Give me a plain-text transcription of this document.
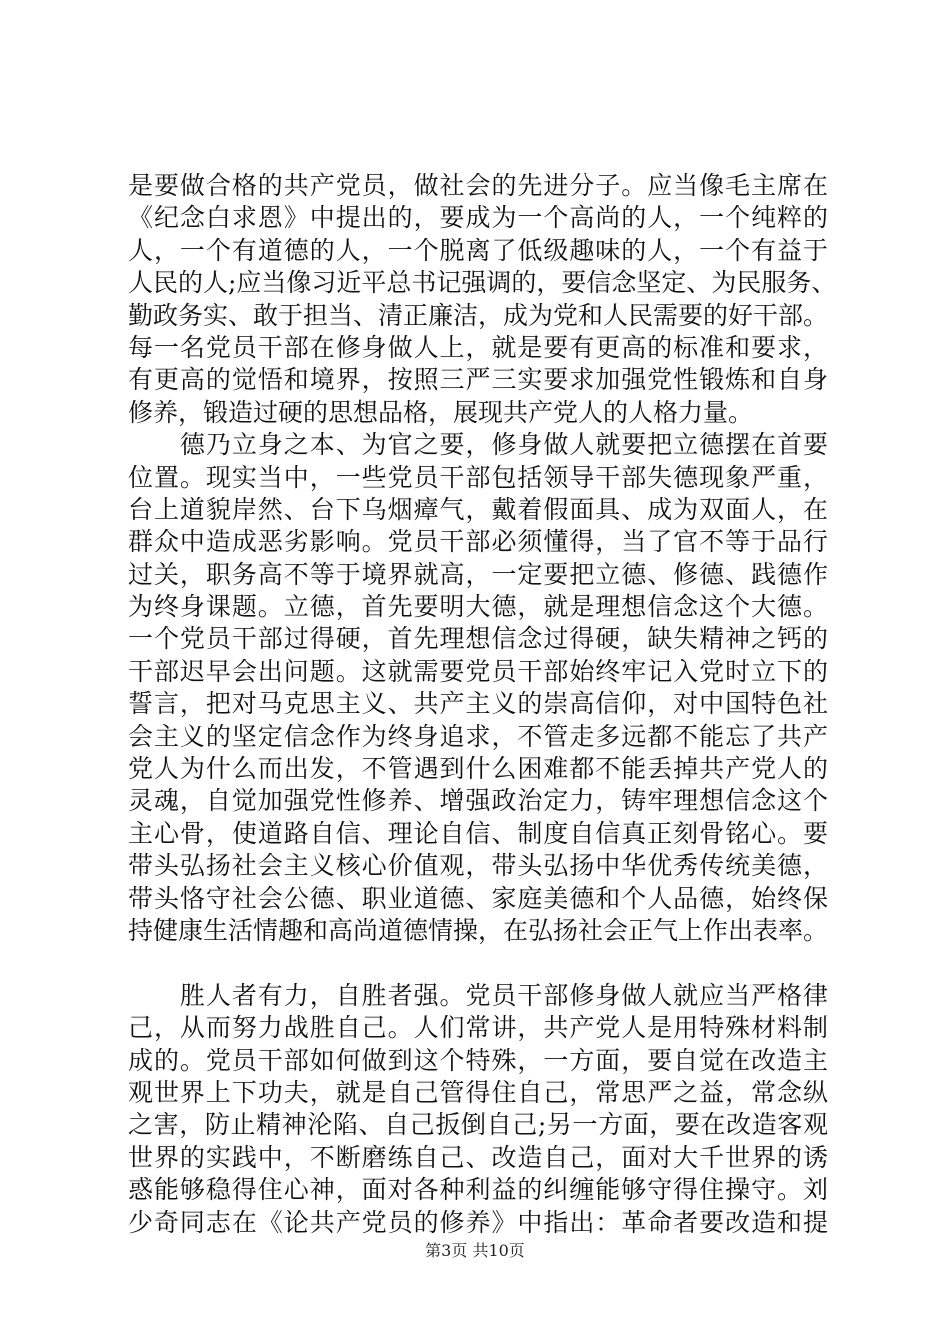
是要做合格的共产党员，做社会的先进分子。应当像毛主席在
《纪念白求恩》中提出的，要成为一个高尚的人，一个纯粹的
人，一个有道德的人，一个脱离了低级趣味的人，一个有益于
人民的人;应当像习近平总书记强调的，要信念坚定、为民服务、
勤政务实、敢于担当、清正廉洁，成为党和人民需要的好干部。
每一名党员干部在修身做人上，就是要有更高的标准和要求，
有更高的觉悟和境界，按照三严三实要求加强党性锻炼和自身
修养，锻造过硬的思想品格，展现共产党人的人格力量。
　　德乃立身之本、为官之要，修身做人就要把立德摆在首要
位置。现实当中，一些党员干部包括领导干部失德现象严重，
台上道貌岸然、台下乌烟瘴气，戴着假面具、成为双面人，在
群众中造成恶劣影响。党员干部必须懂得，当了官不等于品行
过关，职务高不等于境界就高，一定要把立德、修德、践德作
为终身课题。立德，首先要明大德，就是理想信念这个大德。
一个党员干部过得硬，首先理想信念过得硬，缺失精神之钙的
干部迟早会出问题。这就需要党员干部始终牢记入党时立下的
誓言，把对马克思主义、共产主义的崇高信仰，对中国特色社
会主义的坚定信念作为终身追求，不管走多远都不能忘了共产
党人为什么而出发，不管遇到什么困难都不能丢掉共产党人的
灵魂，自觉加强党性修养、增强政治定力，铸牢理想信念这个
主心骨，使道路自信、理论自信、制度自信真正刻骨铭心。要
带头弘扬社会主义核心价值观，带头弘扬中华优秀传统美德，
带头恪守社会公德、职业道德、家庭美德和个人品德，始终保
持健康生活情趣和高尚道德情操，在弘扬社会正气上作出表率。
　　胜人者有力，自胜者强。党员干部修身做人就应当严格律
己，从而努力战胜自己。人们常讲，共产党人是用特殊材料制
成的。党员干部如何做到这个特殊，一方面，要自觉在改造主
观世界上下功夫，就是自己管得住自己，常思严之益，常念纵
之害，防止精神沦陷、自己扳倒自己;另一方面，要在改造客观
世界的实践中，不断磨练自己、改造自己，面对大千世界的诱
惑能够稳得住心神，面对各种利益的纠缠能够守得住操守。刘
少奇同志在《论共产党员的修养》中指出：革命者要改造和提
第3页 共10页
